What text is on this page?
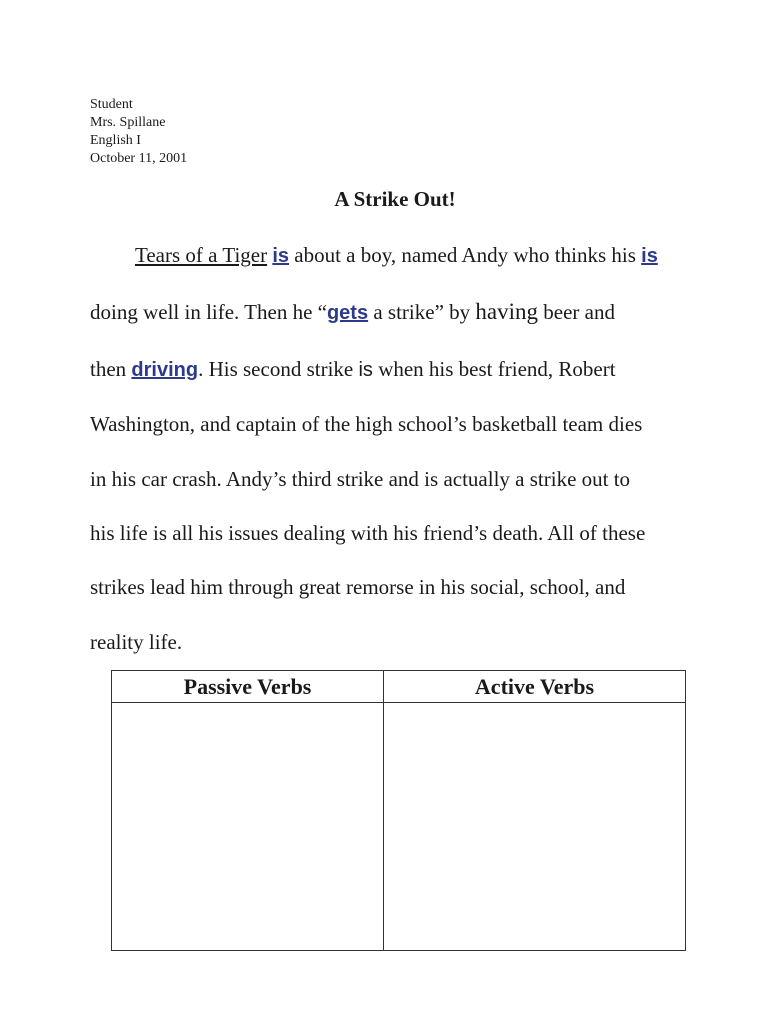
Student
Mrs. Spillane
English I
October 11, 2001
A Strike Out!
Tears of a Tiger is about a boy, named Andy who thinks his is
doing well in life. Then he “gets a strike” by having beer and
then driving. His second strike is when his best friend, Robert
Washington, and captain of the high school’s basketball team dies
in his car crash. Andy’s third strike and is actually a strike out to
his life is all his issues dealing with his friend’s death. All of these
strikes lead him through great remorse in his social, school, and
reality life.
Passive Verbs	Active Verbs
